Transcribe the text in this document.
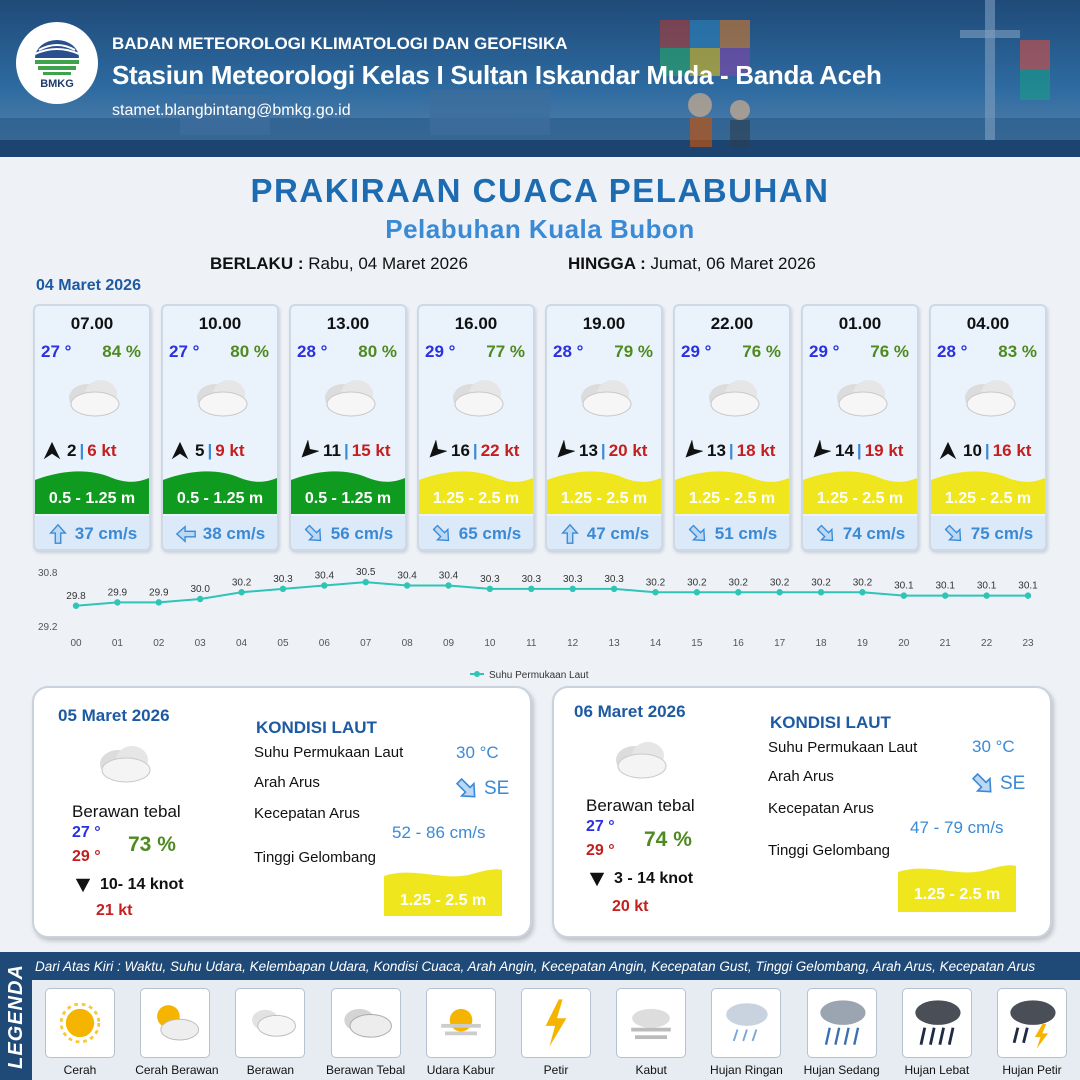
BMKG
BADAN METEOROLOGI KLIMATOLOGI DAN GEOFISIKA
Stasiun Meteorologi Kelas I Sultan Iskandar Muda - Banda Aceh
stamet.blangbintang@bmkg.go.id
PRAKIRAAN CUACA PELABUHAN
Pelabuhan Kuala Bubon
BERLAKU : Rabu, 04 Maret 2026	HINGGA : Jumat, 06 Maret 2026
04 Maret 2026
07.00
27 ° 84 %
2 | 6 kt
0.5 - 1.25 m
37 cm/s
10.00
27 ° 80 %
5 | 9 kt
0.5 - 1.25 m
38 cm/s
13.00
28 ° 80 %
11 | 15 kt
0.5 - 1.25 m
56 cm/s
16.00
29 ° 77 %
16 | 22 kt
1.25 - 2.5 m
65 cm/s
19.00
28 ° 79 %
13 | 20 kt
1.25 - 2.5 m
47 cm/s
22.00
29 ° 76 %
13 | 18 kt
1.25 - 2.5 m
51 cm/s
01.00
29 ° 76 %
14 | 19 kt
1.25 - 2.5 m
74 cm/s
04.00
28 ° 83 %
10 | 16 kt
1.25 - 2.5 m
75 cm/s
30.8
29.2
29.8
00
29.9
01
29.9
02
30.0
03
30.2
04
30.3
05
30.4
06
30.5
07
30.4
08
30.4
09
30.3
10
30.3
11
30.3
12
30.3
13
30.2
14
30.2
15
30.2
16
30.2
17
30.2
18
30.2
19
30.1
20
30.1
21
30.1
22
30.1
23
Suhu Permukaan Laut
05 Maret 2026
Berawan tebal
27 °
29 °
73 %
10- 14 knot
21 kt
KONDISI LAUT
Suhu Permukaan Laut	30 °C
Arah Arus	SE
Kecepatan Arus
52 - 86 cm/s
Tinggi Gelombang
1.25 - 2.5 m
06 Maret 2026
Berawan tebal
27 °
29 ° 74 %
3 - 14 knot
20 kt
KONDISI LAUT
Suhu Permukaan Laut	30 °C
Arah Arus	SE
Kecepatan Arus
47 - 79 cm/s
Tinggi Gelombang
1.25 - 2.5 m
LEGENDA Dari Atas Kiri : Waktu, Suhu Udara, Kelembapan Udara, Kondisi Cuaca, Arah Angin, Kecepatan Angin, Kecepatan Gust, Tinggi Gelombang, Arah Arus, Kecepatan Arus
Cerah	Cerah Berawan	Berawan	Berawan Tebal	Udara Kabur	Petir	Kabut	Hujan Ringan	Hujan Sedang	Hujan Lebat	Hujan Petir
